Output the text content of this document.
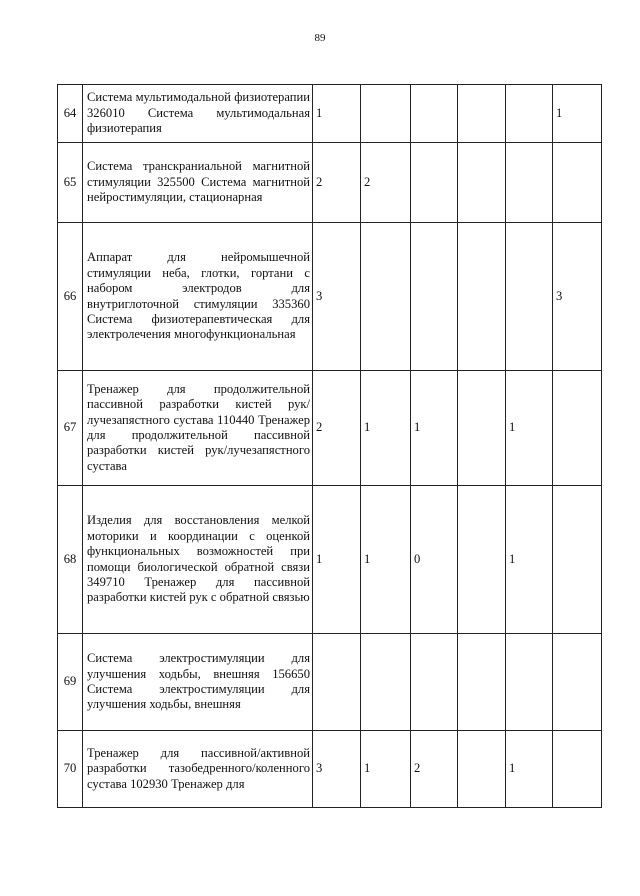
89
64	Система мультимодальной физиотерапии 326010 Система мультимодальная физиотерапия	1					1
65	Система транскраниальной магнитной стимуляции 325500 Система магнитной нейростимуляции, стационарная	2	2				
66	Аппарат для нейромышечной стимуляции неба, глотки, гортани с набором электродов для внутриглоточной стимуляции 335360 Система физиотерапевтическая для электролечения многофункциональная	3					3
67	Тренажер для продолжительной пассивной разработки кистей рук/лучезапястного сустава 110440 Тренажер для продолжительной пассивной разработки кистей рук/лучезапястного сустава	2	1	1		1	
68	Изделия для восстановления мелкой моторики и координации с оценкой функциональных возможностей при помощи биологической обратной связи 349710 Тренажер для пассивной разработки кистей рук с обратной связью	1	1	0		1	
69	Система электростимуляции для улучшения ходьбы, внешняя 156650 Система электростимуляции для улучшения ходьбы, внешняя						

70	Тренажер для пассивной/активной разработки тазобедренного/коленного сустава 102930 Тренажер для	3	1	2		1	
